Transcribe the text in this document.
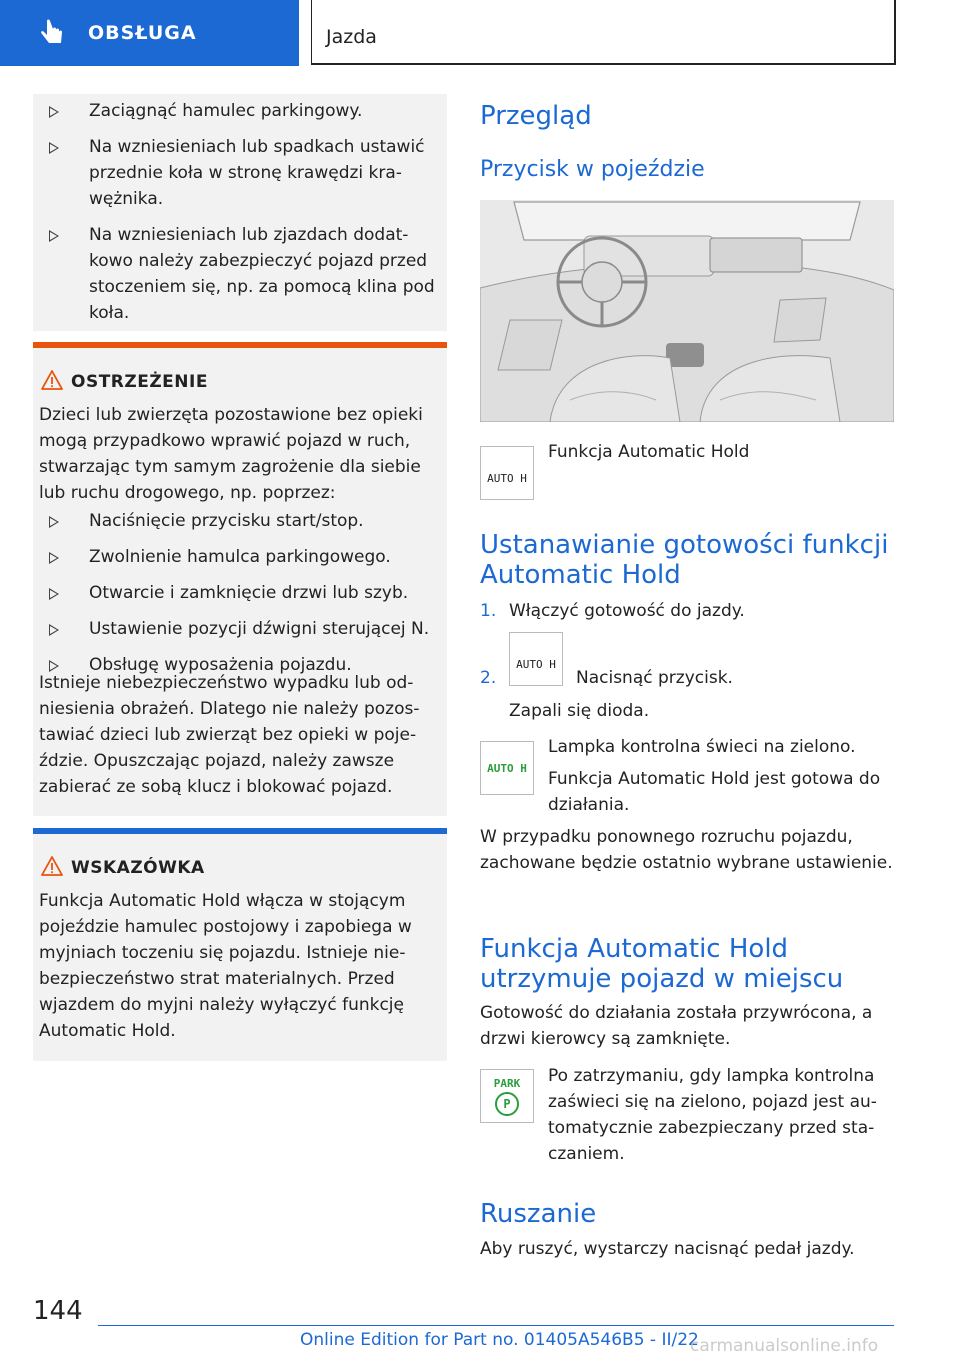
OBSŁUGA	Jazda
Zaciągnąć hamulec parkingowy.
Na wzniesieniach lub spadkach ustawić przednie koła w stronę krawędzi krawężnika.
Na wzniesieniach lub zjazdach dodatkowo należy zabezpieczyć pojazd przed stoczeniem się, np. za pomocą klina pod koła.
OSTRZEŻENIE
Dzieci lub zwierzęta pozostawione bez opieki mogą przypadkowo wprawić pojazd w ruch, stwarzając tym samym zagrożenie dla siebie lub ruchu drogowego, np. poprzez:
Naciśnięcie przycisku start/stop.
Zwolnienie hamulca parkingowego.
Otwarcie i zamknięcie drzwi lub szyb.
Ustawienie pozycji dźwigni sterującej N.
Obsługę wyposażenia pojazdu.
Istnieje niebezpieczeństwo wypadku lub odniesienia obrażeń. Dlatego nie należy pozostawiać dzieci lub zwierząt bez opieki w pojeździe. Opuszczając pojazd, należy zawsze zabierać ze sobą klucz i blokować pojazd.
WSKAZÓWKA
Funkcja Automatic Hold włącza w stojącym pojeździe hamulec postojowy i zapobiega w myjniach toczeniu się pojazdu. Istnieje niebezpieczeństwo strat materialnych. Przed wjazdem do myjni należy wyłączyć funkcję Automatic Hold.
Przegląd
Przycisk w pojeździe
AUTO H
Funkcja Automatic Hold
Ustanawianie gotowości funkcji Automatic Hold
1. Włączyć gotowość do jazdy.
2.
AUTO H
Nacisnąć przycisk.
Zapali się dioda.
AUTO H
Lampka kontrolna świeci na zielono.
Funkcja Automatic Hold jest gotowa do działania.
W przypadku ponownego rozruchu pojazdu, zachowane będzie ostatnio wybrane ustawienie.
Funkcja Automatic Hold utrzymuje pojazd w miejscu
Gotowość do działania została przywrócona, a drzwi kierowcy są zamknięte.
PARK
P
Po zatrzymaniu, gdy lampka kontrolna zaświeci się na zielono, pojazd jest automatycznie zabezpieczany przed staczaniem.
Ruszanie
Aby ruszyć, wystarczy nacisnąć pedał jazdy.
144
Online Edition for Part no. 01405A546B5 - II/22
carmanualsonline.info
